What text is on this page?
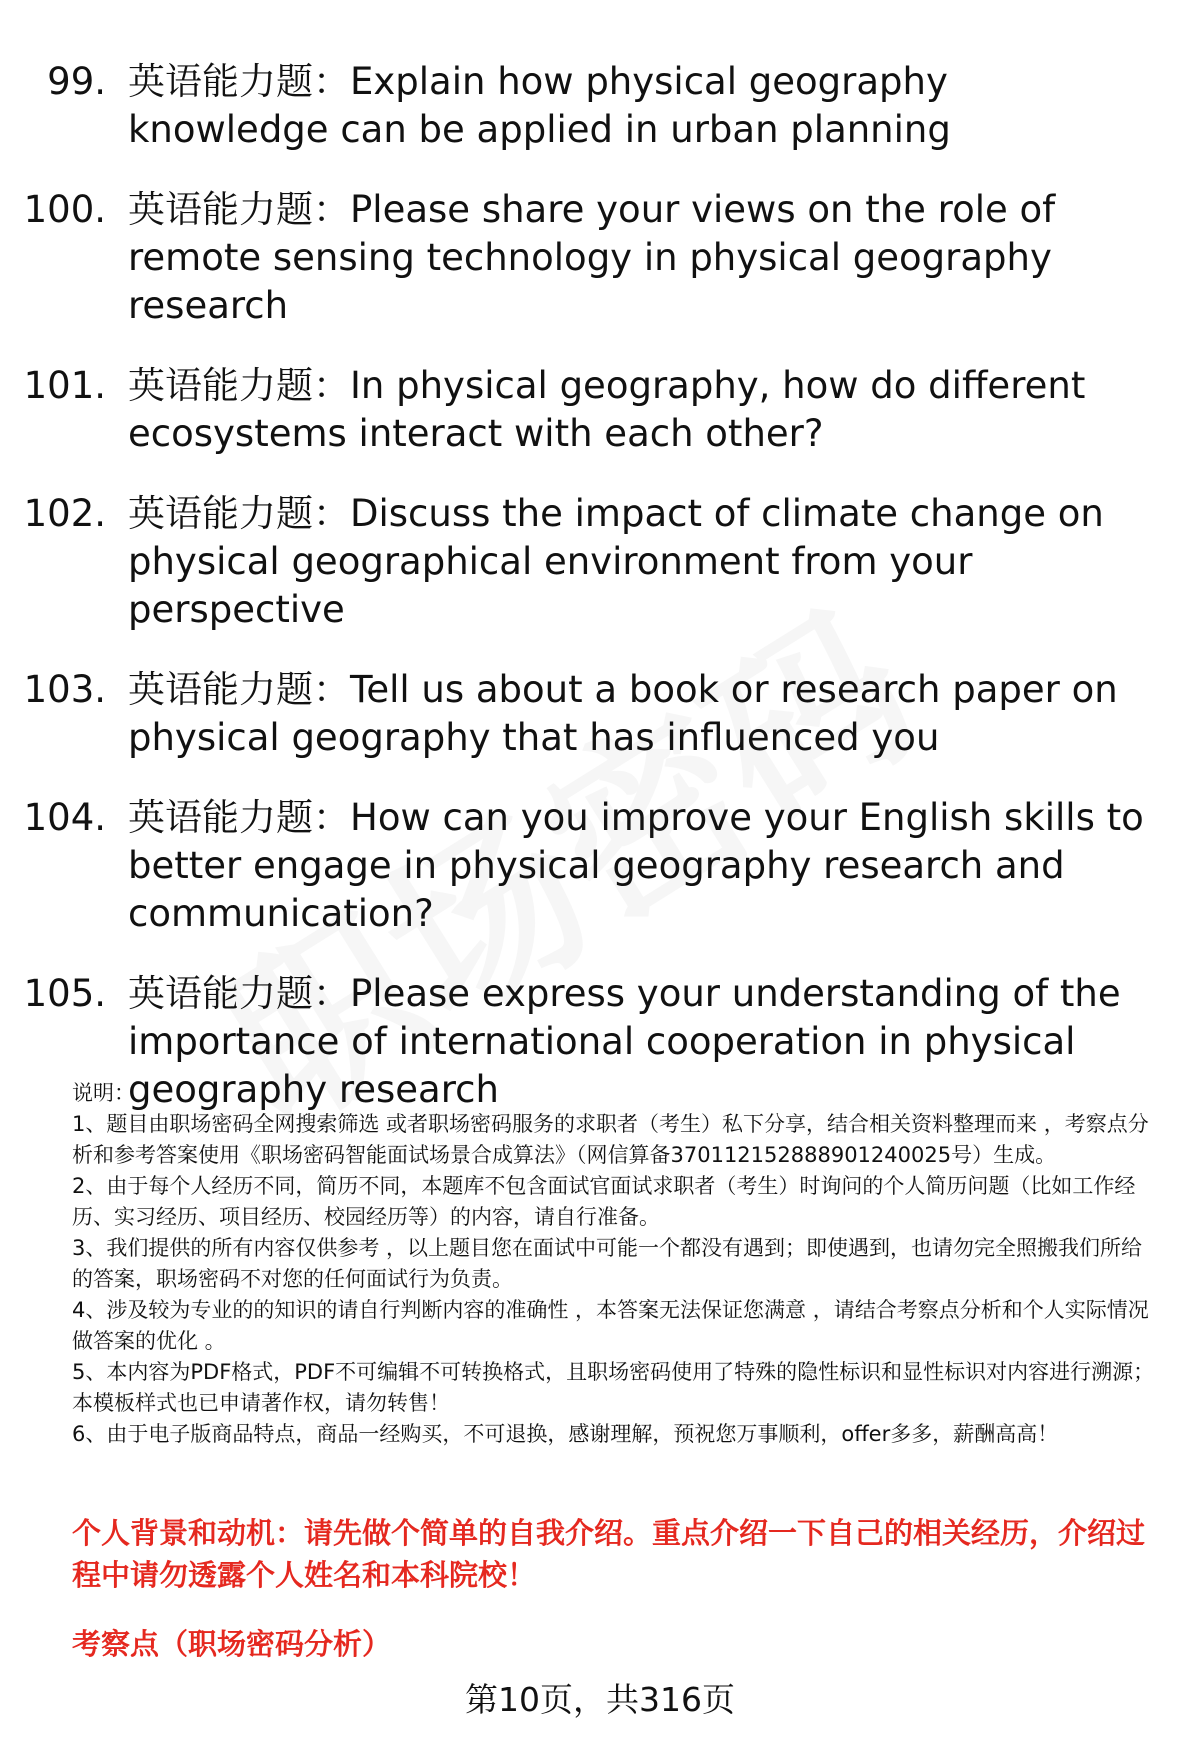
99. 英语能力题：Explain how physical geography knowledge can be applied in urban planning
100. 英语能力题：Please share your views on the role of remote sensing technology in physical geography research
101. 英语能力题：In physical geography, how do different ecosystems interact with each other?
102. 英语能力题：Discuss the impact of climate change on physical geographical environment from your perspective
103. 英语能力题：Tell us about a book or research paper on physical geography that has influenced you
104. 英语能力题：How can you improve your English skills to better engage in physical geography research and communication?
105. 英语能力题：Please express your understanding of the importance of international cooperation in physical geography research

说明：

1、题目由职场密码全网搜索筛选 或者职场密码服务的求职者（考生）私下分享，结合相关资料整理而来 ，考察点分析和参考答案使用《职场密码智能面试场景合成算法》（网信算备370112152888901240025号）生成。

2、由于每个人经历不同，简历不同，本题库不包含面试官面试求职者（考生）时询问的个人简历问题（比如工作经历、实习经历、项目经历、校园经历等）的内容，请自行准备。

3、我们提供的所有内容仅供参考 ，以上题目您在面试中可能一个都没有遇到；即使遇到，也请勿完全照搬我们所给的答案，职场密码不对您的任何面试行为负责。

4、涉及较为专业的的知识的请自行判断内容的准确性 ，本答案无法保证您满意 ，请结合考察点分析和个人实际情况做答案的优化 。

5、本内容为PDF格式，PDF不可编辑不可转换格式，且职场密码使用了特殊的隐性标识和显性标识对内容进行溯源；本模板样式也已申请著作权，请勿转售！

6、由于电子版商品特点，商品一经购买，不可退换，感谢理解，预祝您万事顺利，offer多多，薪酬高高！

个人背景和动机：请先做个简单的自我介绍。重点介绍一下自己的相关经历，介绍过程中请勿透露个人姓名和本科院校！
考察点（职场密码分析）
第10页，共316页
